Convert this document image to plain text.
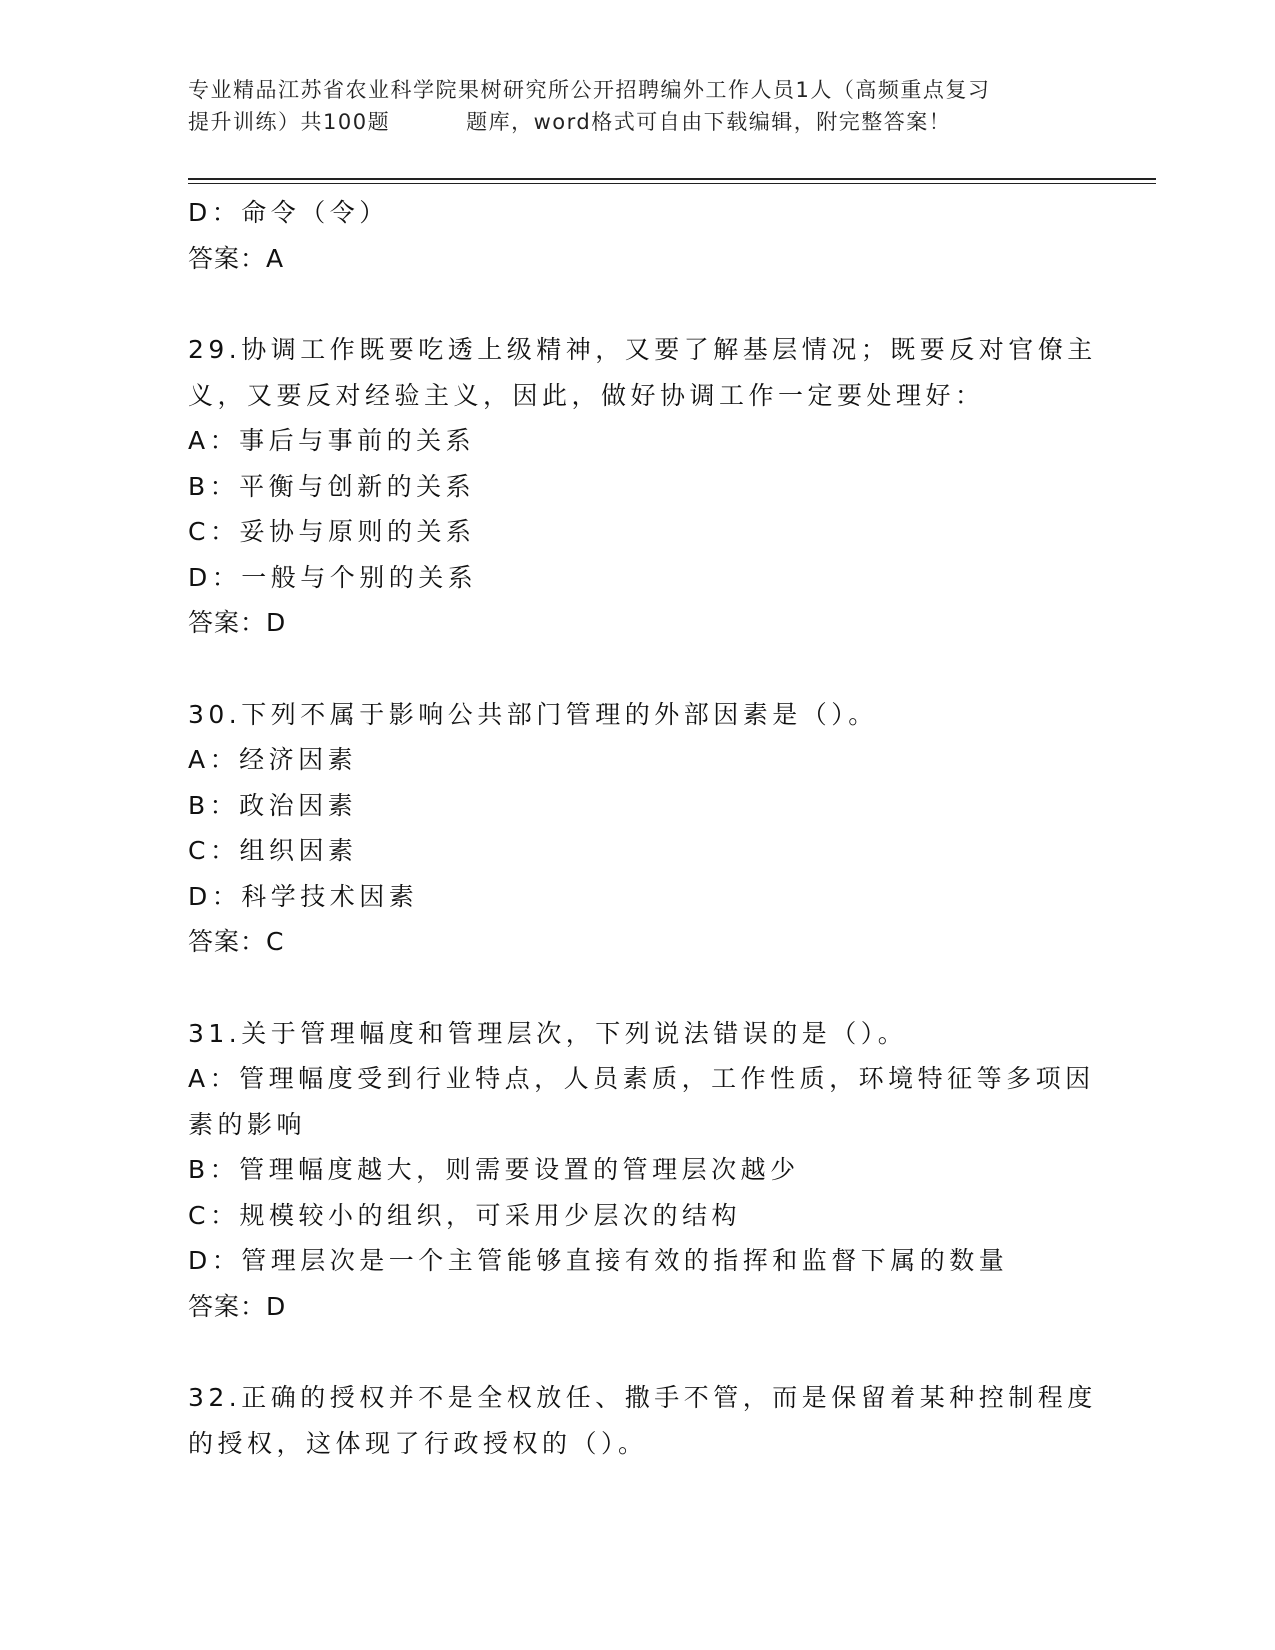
专业精品江苏省农业科学院果树研究所公开招聘编外工作人员1人（高频重点复习
提升训练）共100题	题库，word格式可自由下载编辑，附完整答案！
D：命令（令）
答案：A
29.协调工作既要吃透上级精神，又要了解基层情况；既要反对官僚主
义，又要反对经验主义，因此，做好协调工作一定要处理好：
A：事后与事前的关系
B：平衡与创新的关系
C：妥协与原则的关系
D：一般与个别的关系
答案：D
30.下列不属于影响公共部门管理的外部因素是（）。
A：经济因素
B：政治因素
C：组织因素
D：科学技术因素
答案：C
31.关于管理幅度和管理层次，下列说法错误的是（）。
A：管理幅度受到行业特点，人员素质，工作性质，环境特征等多项因
素的影响
B：管理幅度越大，则需要设置的管理层次越少
C：规模较小的组织，可采用少层次的结构
D：管理层次是一个主管能够直接有效的指挥和监督下属的数量
答案：D
32.正确的授权并不是全权放任、撒手不管，而是保留着某种控制程度
的授权，这体现了行政授权的（）。
